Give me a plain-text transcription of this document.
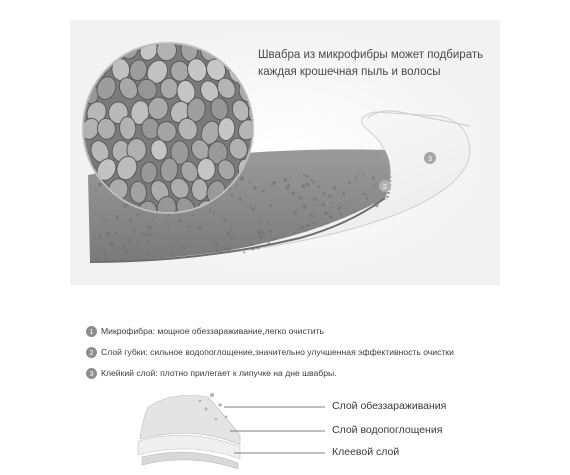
1
2
3
Швабра из микрофибры может подбирать
каждая крошечная пыль и волосы
1 Микрофибра: мощное обеззараживание,легко очистить
2 Слой губки: сильное водопоглощение,значительно улучшенная эффективность очистки
3 Клейкий слой: плотно прилегает к липучке на дне швабры.
Слой обеззараживания
Слой водопоглощения
Клеевой слой
